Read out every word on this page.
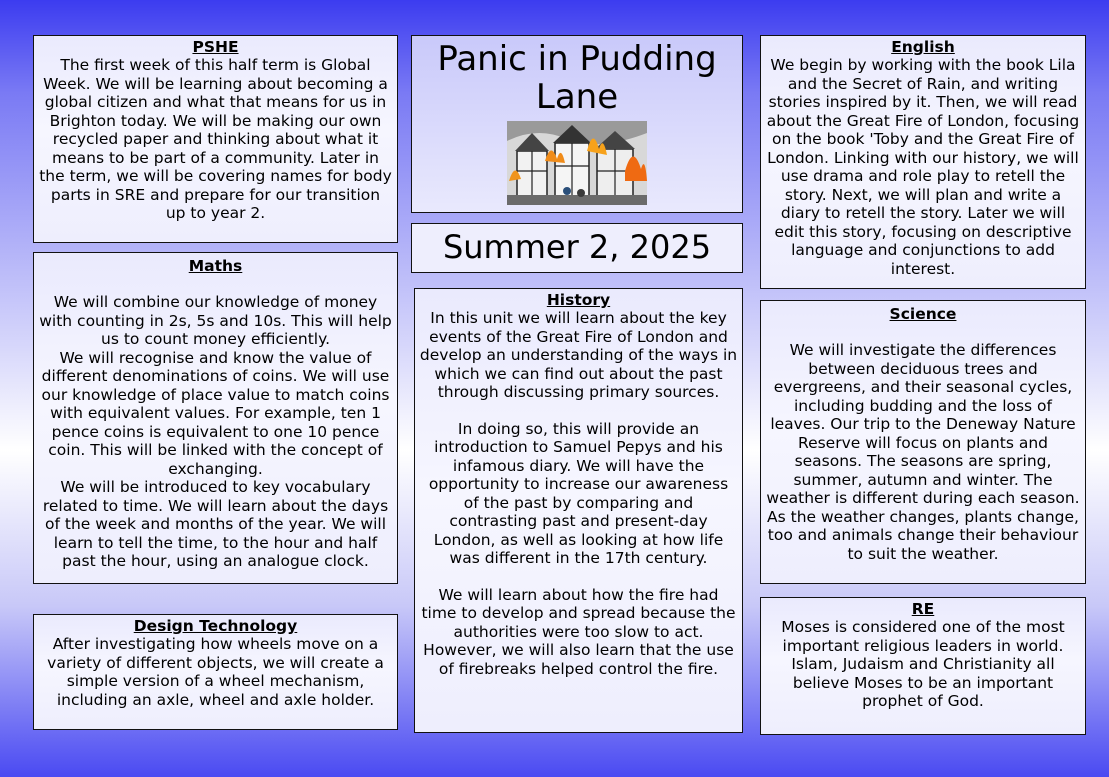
PSHE
The first week of this half term is Global Week. We will be learning about becoming a global citizen and what that means for us in Brighton today. We will be making our own recycled paper and thinking about what it means to be part of a community. Later in the term, we will be covering names for body parts in SRE and prepare for our transition up to year 2.
Maths
We will combine our knowledge of money with counting in 2s, 5s and 10s. This will help us to count money efficiently.
We will recognise and know the value of different denominations of coins. We will use our knowledge of place value to match coins with equivalent values. For example, ten 1 pence coins is equivalent to one 10 pence coin. This will be linked with the concept of exchanging.
We will be introduced to key vocabulary related to time. We will learn about the days of the week and months of the year. We will learn to tell the time, to the hour and half past the hour, using an analogue clock.
Design Technology
After investigating how wheels move on a variety of different objects, we will create a simple version of a wheel mechanism, including an axle, wheel and axle holder.
Panic in Pudding Lane
Summer 2, 2025
History
In this unit we will learn about the key events of the Great Fire of London and develop an understanding of the ways in which we can find out about the past through discussing primary sources.
In doing so, this will provide an introduction to Samuel Pepys and his infamous diary. We will have the opportunity to increase our awareness of the past by comparing and contrasting past and present-day London, as well as looking at how life was different in the 17th century.
We will learn about how the fire had time to develop and spread because the authorities were too slow to act. However, we will also learn that the use of firebreaks helped control the fire.
English
We begin by working with the book Lila and the Secret of Rain, and writing stories inspired by it. Then, we will read about the Great Fire of London, focusing on the book 'Toby and the Great Fire of London. Linking with our history, we will use drama and role play to retell the story. Next, we will plan and write a diary to retell the story. Later we will edit this story, focusing on descriptive language and conjunctions to add interest.
Science
We will investigate the differences between deciduous trees and evergreens, and their seasonal cycles, including budding and the loss of leaves. Our trip to the Deneway Nature Reserve will focus on plants and seasons. The seasons are spring, summer, autumn and winter. The weather is different during each season. As the weather changes, plants change, too and animals change their behaviour to suit the weather.
RE
Moses is considered one of the most important religious leaders in world. Islam, Judaism and Christianity all believe Moses to be an important prophet of God.
